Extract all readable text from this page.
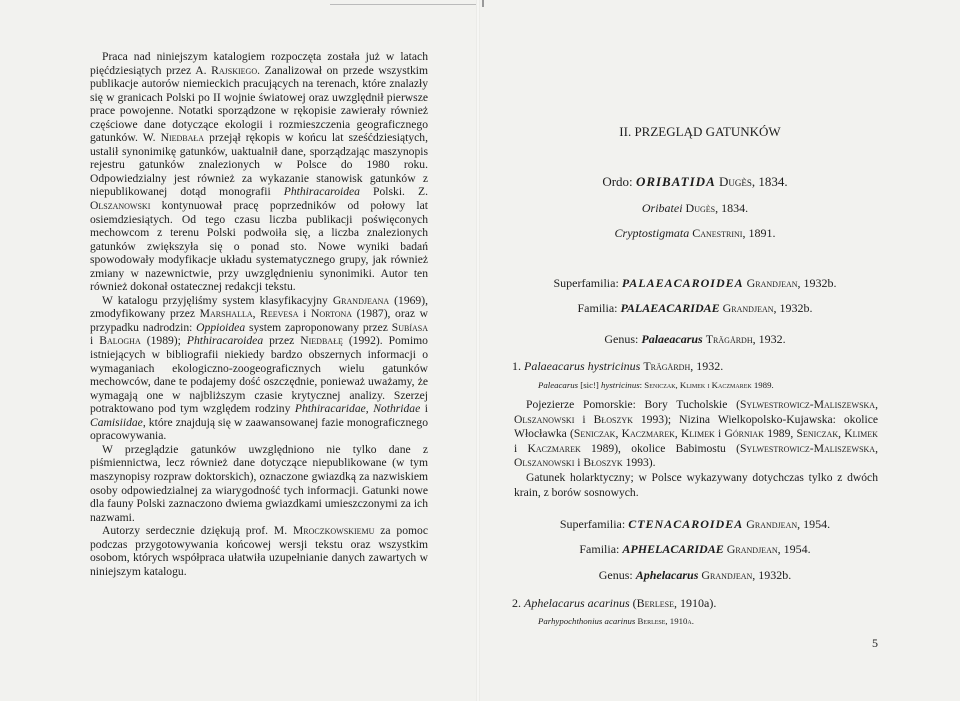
Praca nad niniejszym katalogiem rozpoczęta została już w latach pięćdziesiątych przez A. Rajskiego. Zanalizował on przede wszystkim publikacje autorów niemieckich pracujących na terenach, które znalazły się w granicach Polski po II wojnie światowej oraz uwzględnił pierwsze prace powojenne. Notatki sporządzone w rękopisie zawierały również częściowe dane dotyczące ekologii i rozmieszczenia geograficznego gatunków. W. Niedbała przejął rękopis w końcu lat sześćdziesiątych, ustalił synonimikę gatunków, uaktualnił dane, sporządzając maszynopis rejestru gatunków znalezionych w Polsce do 1980 roku. Odpowiedzialny jest również za wykazanie stanowisk gatunków z niepublikowanej dotąd monografii Phthiracaroidea Polski. Z. Olszanowski kontynuował pracę poprzedników od połowy lat osiemdziesiątych. Od tego czasu liczba publikacji poświęconych mechowcom z terenu Polski podwoiła się, a liczba znalezionych gatunków zwiększyła się o ponad sto. Nowe wyniki badań spowodowały modyfikacje układu systematycznego grupy, jak również zmiany w nazewnictwie, przy uwzględnieniu synonimiki. Autor ten również dokonał ostatecznej redakcji tekstu.

W katalogu przyjęliśmy system klasyfikacyjny Grandjeana (1969), zmodyfikowany przez Marshalla, Reevesa i Nortona (1987), oraz w przypadku nadrodzin: Oppioidea system zaproponowany przez Subíasa i Balogha (1989); Phthiracaroidea przez Niedbałę (1992). Pomimo istniejących w bibliografii niekiedy bardzo obszernych informacji o wymaganiach ekologiczno-zoogeograficznych wielu gatunków mechowców, dane te podajemy dość oszczędnie, ponieważ uważamy, że wymagają one w najbliższym czasie krytycznej analizy. Szerzej potraktowano pod tym względem rodziny Phthiracaridae, Nothridae i Camisiidae, które znajdują się w zaawansowanej fazie monograficznego opracowywania.

W przeglądzie gatunków uwzględniono nie tylko dane z piśmiennictwa, lecz również dane dotyczące niepublikowane (w tym maszynopisy rozpraw doktorskich), oznaczone gwiazdką za nazwiskiem osoby odpowiedzialnej za wiarygodność tych informacji. Gatunki nowe dla fauny Polski zaznaczono dwiema gwiazdkami umieszczonymi za ich nazwami.

Autorzy serdecznie dziękują prof. M. Mroczkowskiemu za pomoc podczas przygotowywania końcowej wersji tekstu oraz wszystkim osobom, których współpraca ułatwiła uzupełnianie danych zawartych w niniejszym katalogu.

II. PRZEGLĄD GATUNKÓW
Ordo: ORIBATIDA Dugès, 1834.
Oribatei Dugès, 1834.
Cryptostigmata Canestrini, 1891.
Superfamilia: PALAEACAROIDEA Grandjean, 1932b.
Familia: PALAEACARIDAE Grandjean, 1932b.
Genus: Palaeacarus Trägårdh, 1932.
1. Palaeacarus hystricinus Trägårdh, 1932.
Paleacarus [sic!] hystricinus: Seniczak, Klimek i Kaczmarek 1989.

Pojezierze Pomorskie: Bory Tucholskie (Sylwestrowicz-Maliszewska, Olszanowski i Błoszyk 1993); Nizina Wielkopolsko-Kujawska: okolice Włocławka (Seniczak, Kaczmarek, Klimek i Górniak 1989, Seniczak, Klimek i Kaczmarek 1989), okolice Babimostu (Sylwestrowicz-Maliszewska, Olszanowski i Błoszyk 1993).

Gatunek holarktyczny; w Polsce wykazywany dotychczas tylko z dwóch krain, z borów sosnowych.

Superfamilia: CTENACAROIDEA Grandjean, 1954.
Familia: APHELACARIDAE Grandjean, 1954.
Genus: Aphelacarus Grandjean, 1932b.
2. Aphelacarus acarinus (Berlese, 1910a).
Parhypochthonius acarinus Berlese, 1910a.
5
